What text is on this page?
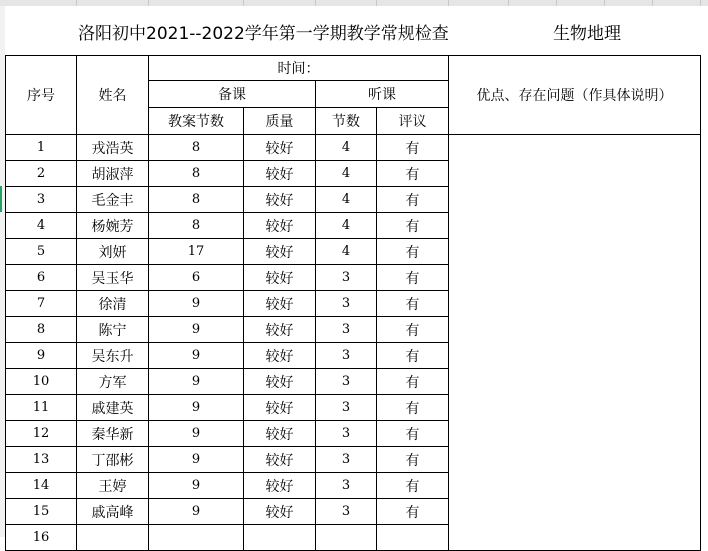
洛阳初中2021--2022学年第一学期教学常规检查	生物地理
序号	姓名	时间：				优点、存在问题（作具体说明）
		备课		听课		
		教案节数	质量	节数	评议	
1	戎浩英	8	较好	4	有	
2	胡淑萍	8	较好	4	有	
3	毛金丰	8	较好	4	有	
4	杨婉芳	8	较好	4	有	
5	刘妍	17	较好	4	有	
6	吴玉华	6	较好	3	有	
7	徐清	9	较好	3	有	
8	陈宁	9	较好	3	有	
9	吴东升	9	较好	3	有	
10	方军	9	较好	3	有	
11	戚建英	9	较好	3	有	
12	秦华新	9	较好	3	有	
13	丁邵彬	9	较好	3	有	
14	王婷	9	较好	3	有	
15	戚高峰	9	较好	3	有	
16						
